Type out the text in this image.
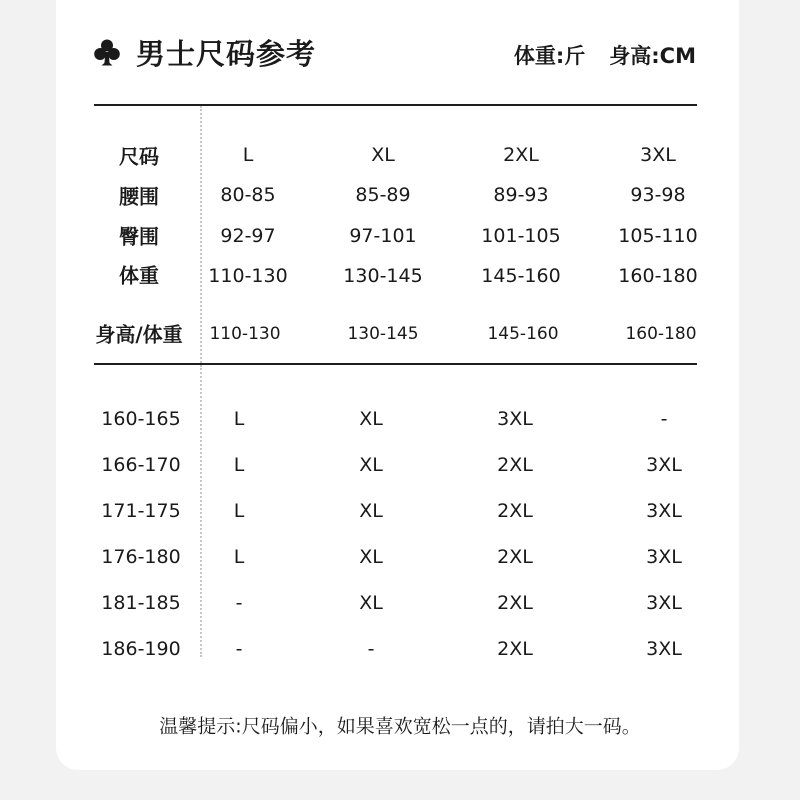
男士尺码参考	体重:斤 身高:CM
尺码	L	XL	2XL	3XL
腰围	80-85	85-89	89-93	93-98
臀围	92-97	97-101	101-105	105-110
体重	110-130	130-145	145-160	160-180
身高/体重 110-130	130-145	145-160	160-180
160-165	L	XL	3XL	-
166-170	L	XL	2XL	3XL
171-175	L	XL	2XL	3XL
176-180	L	XL	2XL	3XL
181-185	-	XL	2XL	3XL
186-190	-	-	2XL	3XL
温馨提示:尺码偏小，如果喜欢宽松一点的，请拍大一码。
